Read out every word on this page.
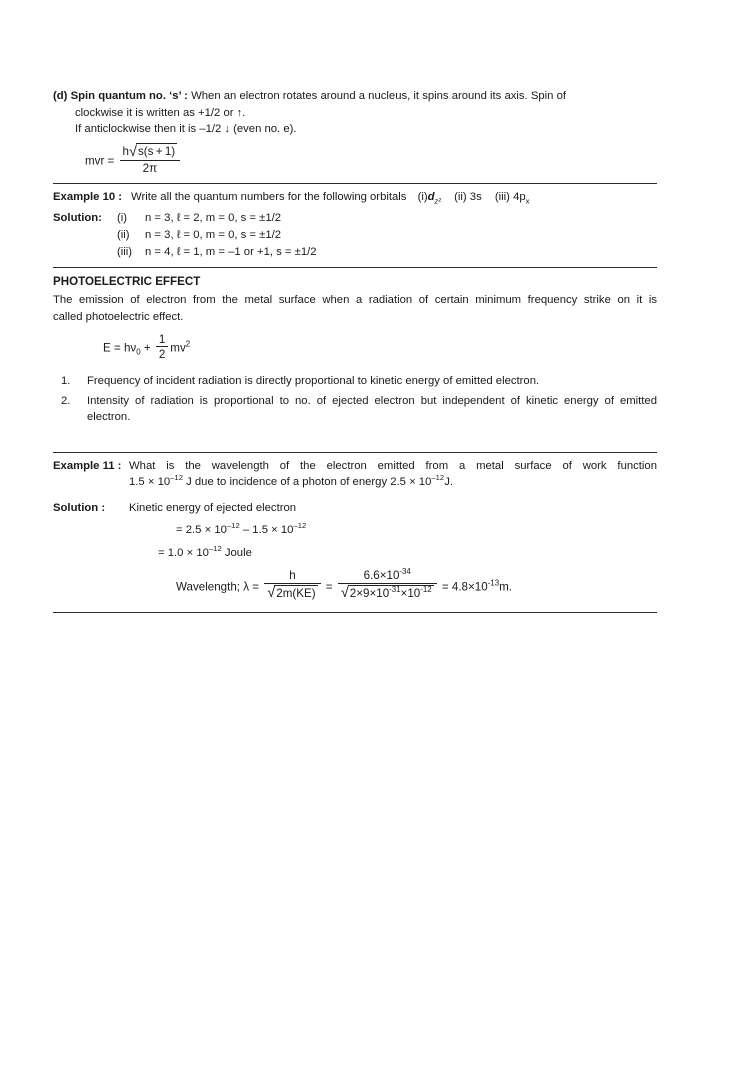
(d) Spin quantum no. ‘s’ : When an electron rotates around a nucleus, it spins around its axis. Spin of
clockwise it is written as +1/2 or ↑.
If anticlockwise then it is –1/2 ↓ (even no. e).
mvr = $\frac{h√s(s + 1)}{2\pi}$
Example 10 : Write all the quantum numbers for the following orbitals $(i)d_{z^2}$ (ii) 3s (iii) $4p_x$
Solution:	(i)	n = 3, ℓ = 2, m = 0, s = ±1/2
(ii)	n = 3, ℓ = 0, m = 0, s = ±1/2
(iii)	n = 4, ℓ = 1, m = –1 or +1, s = ±1/2
PHOTOELECTRIC EFFECT
The emission of electron from the metal surface when a radiation of certain minimum frequency strike on it is
called photoelectric effect.
$E = h\nu_0 + \frac{1}{2} mv^2$
1.	Frequency of incident radiation is directly proportional to kinetic energy of emitted electron.
2.	Intensity of radiation is proportional to no. of ejected electron but independent of kinetic energy of emitted electron.
Example 11 : What is the wavelength of the electron emitted from a metal surface of work function
$1.5 \times 10^{-12}$ J due to incidence of a photon of energy $2.5 \times 10^{-12}J$.
Solution :	Kinetic energy of ejected electron
= $2.5 \times 10^{-12} - 1.5 \times 10^{-12}$
= $1.0 \times 10^{-12}$ Joule
Wavelength; $\lambda = \frac{h}{√2m(KE)} = \frac{6.6\times 10^{-34}}{√2\times 9\times 10^{-31}\times 10^{-12}} = 4.8\times 10^{-13}m$.
